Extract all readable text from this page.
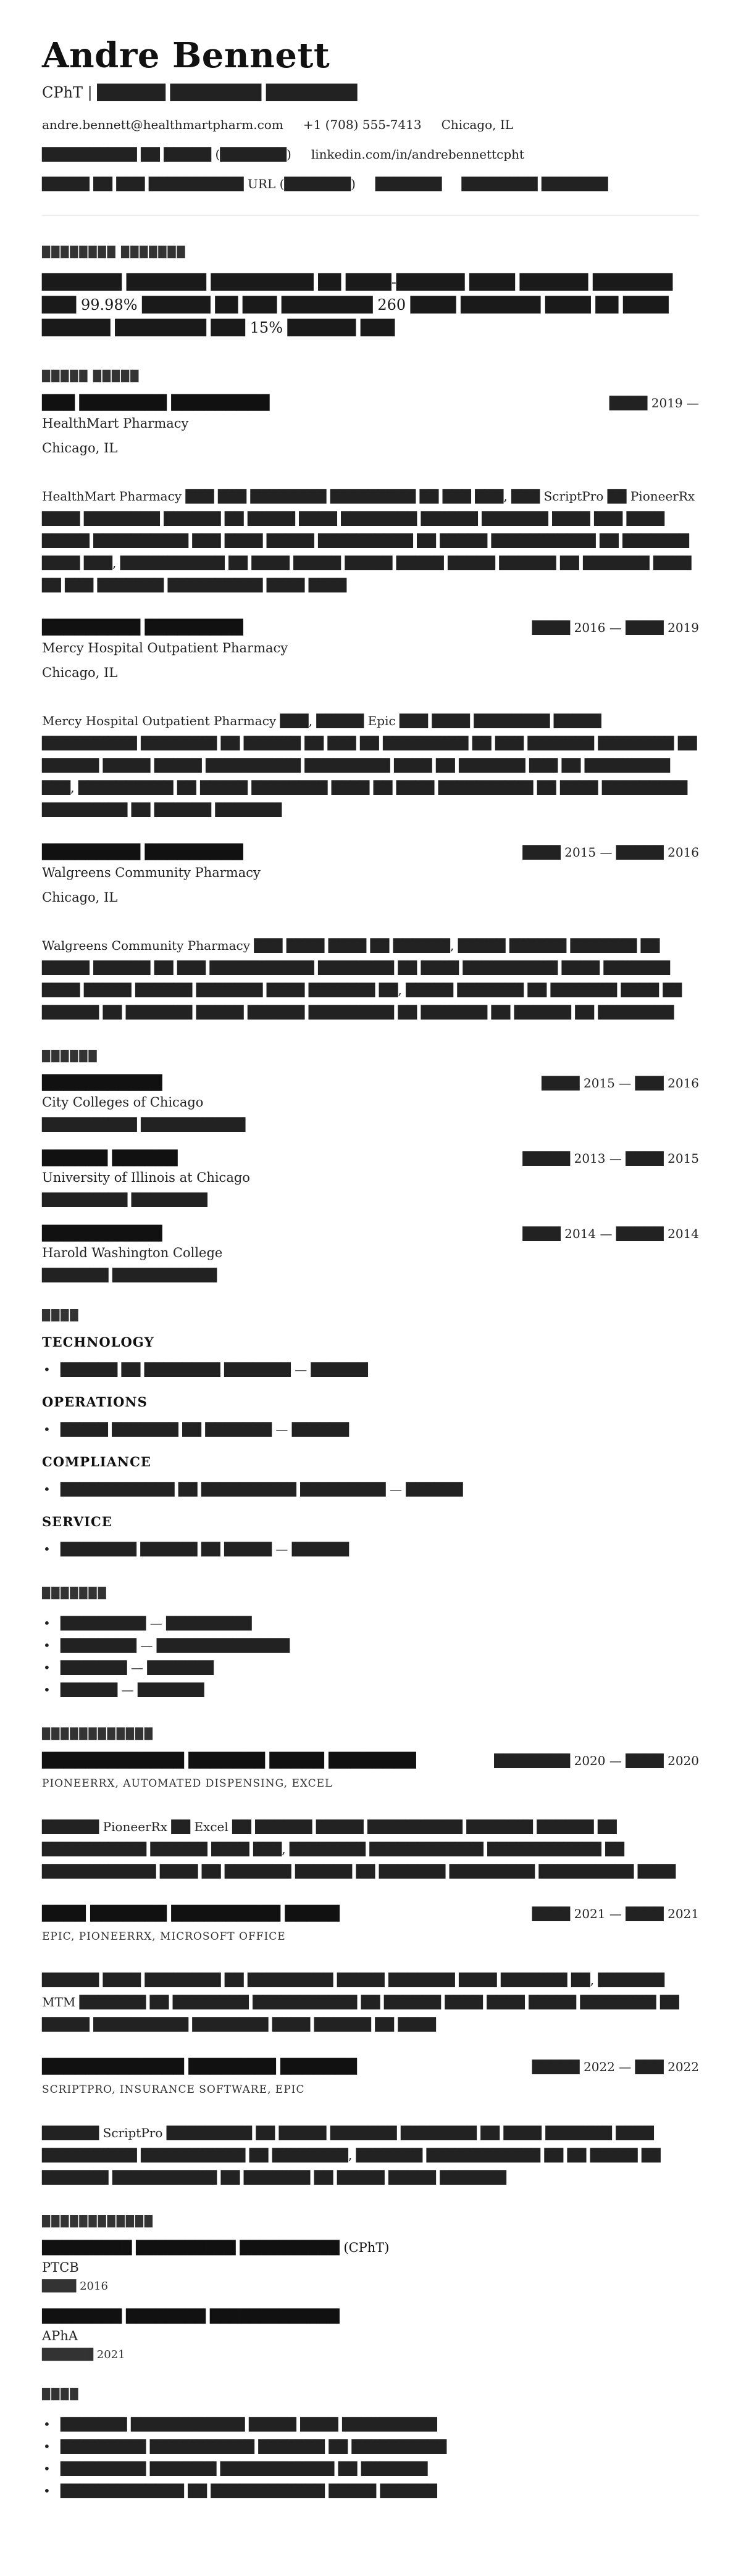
Andre Bennett
CPhT | ██████ ████████ ████████
andre.bennett@healthmartpharm.com +1 (708) 555-7413 Chicago, IL
██████████ ██ █████ (███████) linkedin.com/in/andrebennettcpht
█████ ██ ███ ██████████ URL (███████) ███████ ████████ ███████
████████ ███████

███████ ███████ █████████ ██ ████-██████ ████ ██████ ███████ ███ 99.98% ██████ ██ ███ ████████ 260 ████ ███████ ████ ██ ████ ██████ ████████ ███ 15% ██████ ███

█████ █████
███ ████████ █████████	████ 2019 —
HealthMart Pharmacy
Chicago, IL

HealthMart Pharmacy ███ ███ ████████ █████████ ██ ███ ███, ███ ScriptPro ██ PioneerRx ████ ████████ ██████ ██ █████ ████ ████████ ██████ ███████ ████ ███ ████ █████ ██████████ ███ ████ █████ ██████████ ██ █████ ███████████ ██ ███████ ████ ███, ███████████ ██ ████ █████ █████ █████ █████ ██████ ██ ███████ ████ ██ ███ ███████ ██████████ ████ ████

█████████ █████████	████ 2016 — ████ 2019
Mercy Hospital Outpatient Pharmacy
Chicago, IL

Mercy Hospital Outpatient Pharmacy ███, █████ Epic ███ ████ ████████ █████ ██████████ ████████ ██ ██████ ██ ███ ██ █████████ ██ ███ ███████ ████████ ██ ██████ █████ █████ ██████████ █████████ ████ ██ ███████ ███ ██ █████████ ███, ██████████ ██ █████ ████████ ████ ██ ████ ██████████ ██ ████ █████████ █████████ ██ ██████ ███████

█████████ █████████	████ 2015 — █████ 2016
Walgreens Community Pharmacy
Chicago, IL

Walgreens Community Pharmacy ███ ████ ████ ██ ██████, █████ ██████ ███████ ██ █████ ██████ ██ ███ ███████████ ████████ ██ ████ ██████████ ████ ███████ ████ █████ ██████ ███████ ████ ███████ ██, █████ ███████ ██ ███████ ████ ██ ██████ ██ ███████ █████ ██████ █████████ ██ ███████ ██ ██████ ██ ████████

██████
███████████	████ 2015 — ███ 2016
City Colleges of Chicago
██████████ ███████████
██████ ██████	█████ 2013 — ████ 2015
University of Illinois at Chicago
█████████ ████████
███████████	████ 2014 — █████ 2014
Harold Washington College
███████ ███████████
████
TECHNOLOGY
• ██████ ██ ████████ ███████ — ██████
OPERATIONS
• █████ ███████ ██ ███████ — ██████
COMPLIANCE
• ████████████ ██ ██████████ █████████ — ██████
SERVICE
• ████████ ██████ ██ █████ — ██████
███████
• █████████ — █████████
• ████████ — ██████████████
• ███████ — ███████
• ██████ — ███████
████████████
█████████████ ███████ █████ ████████	████████ 2020 — ████ 2020
PIONEERRX, AUTOMATED DISPENSING, EXCEL

██████ PioneerRx ██ Excel ██ ██████ █████ ██████████ ███████ ██████ ██ ███████████ ██████ ████ ███, ████████ ████████████ ████████████ ██ ████████████ ████ ██ ███████ ██████ ██ ███████ █████████ ██████████ ████

████ ███████ ██████████ █████	████ 2021 — ████ 2021
EPIC, PIONEERRX, MICROSOFT OFFICE

██████ ████ ████████ ██ █████████ █████ ███████ ████ ███████ ██, ███████ MTM ███████ ██ ████████ ███████████ ██ ██████ ████ ████ █████ ████████ ██ █████ ██████████ ████████ ████ ██████ ██ ████

█████████████ ████████ ███████	█████ 2022 — ███ 2022
SCRIPTPRO, INSURANCE SOFTWARE, EPIC

██████ ScriptPro █████████ ██ █████ ███████ ████████ ██ ████ ███████ ████ ██████████ ███████████ ██ ████████, ███████ ████████████ ██ ██ █████ ██ ███████ ███████████ ██ ███████ ██ █████ █████ ███████

████████████
█████████ ██████████ ██████████ (CPhT)
PTCB
████ 2016
████████ ████████ █████████████
APhA
██████ 2021
████
• ███████ ████████████ █████ ████ ██████████
• █████████ ███████████ ███████ ██ ██████████
• █████████ ███████ ████████████ ██ ███████
• █████████████ ██ ████████████ █████ ██████
